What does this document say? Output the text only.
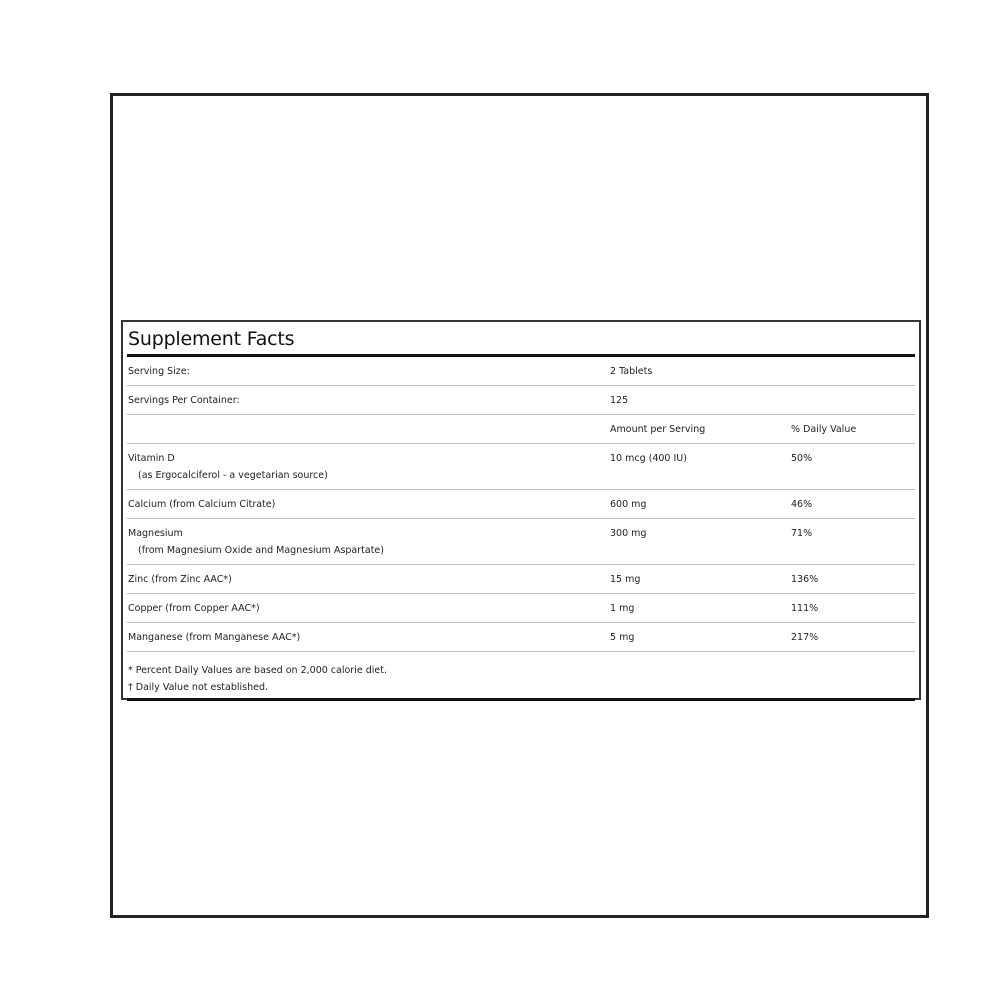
Supplement Facts
Serving Size:	2 Tablets	
Servings Per Container:	125	
	Amount per Serving	% Daily Value
Vitamin D
(as Ergocalciferol - a vegetarian source)	10 mcg (400 IU)	50%
Calcium (from Calcium Citrate)	600 mg	46%
Magnesium
(from Magnesium Oxide and Magnesium Aspartate)	300 mg	71%
Zinc (from Zinc AAC*)	15 mg	136%
Copper (from Copper AAC*)	1 mg	111%
Manganese (from Manganese AAC*)	5 mg	217%
* Percent Daily Values are based on 2,000 calorie diet.
† Daily Value not established.
